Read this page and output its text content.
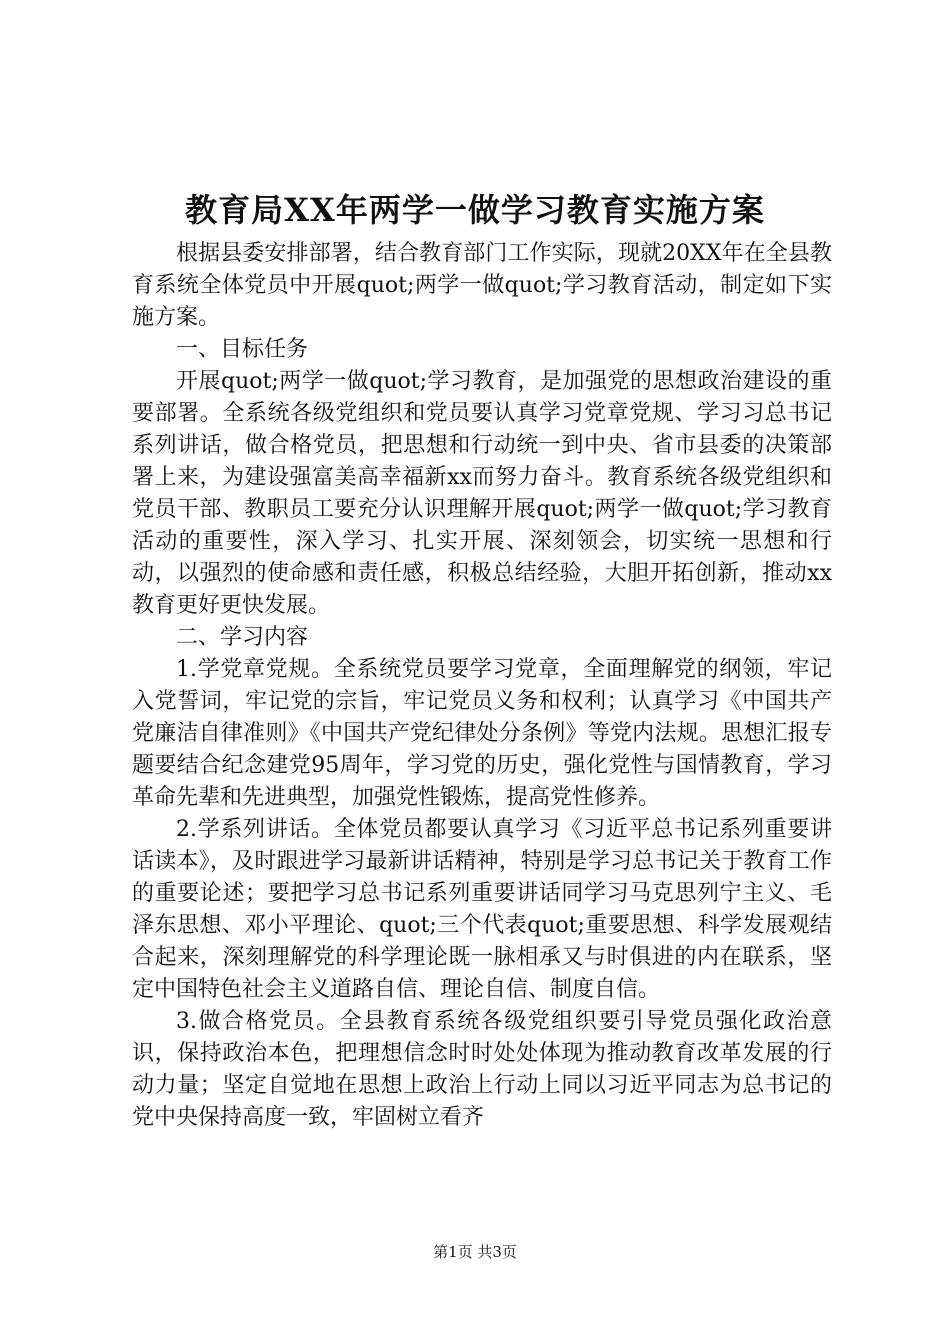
教育局XX年两学一做学习教育实施方案

根据县委安排部署，结合教育部门工作实际，现就20XX年在全县教育系统全体党员中开展quot;两学一做quot;学习教育活动，制定如下实施方案。

一、目标任务

开展quot;两学一做quot;学习教育，是加强党的思想政治建设的重要部署。全系统各级党组织和党员要认真学习党章党规、学习习总书记系列讲话，做合格党员，把思想和行动统一到中央、省市县委的决策部署上来，为建设强富美高幸福新xx而努力奋斗。教育系统各级党组织和党员干部、教职员工要充分认识理解开展quot;两学一做quot;学习教育活动的重要性，深入学习、扎实开展、深刻领会，切实统一思想和行动，以强烈的使命感和责任感，积极总结经验，大胆开拓创新，推动xx教育更好更快发展。

二、学习内容

1.学党章党规。全系统党员要学习党章，全面理解党的纲领，牢记入党誓词，牢记党的宗旨，牢记党员义务和权利；认真学习《中国共产党廉洁自律准则》《中国共产党纪律处分条例》等党内法规。思想汇报专题要结合纪念建党95周年，学习党的历史，强化党性与国情教育，学习革命先辈和先进典型，加强党性锻炼，提高党性修养。

2.学系列讲话。全体党员都要认真学习《习近平总书记系列重要讲话读本》，及时跟进学习最新讲话精神，特别是学习总书记关于教育工作的重要论述；要把学习总书记系列重要讲话同学习马克思列宁主义、毛泽东思想、邓小平理论、quot;三个代表quot;重要思想、科学发展观结合起来，深刻理解党的科学理论既一脉相承又与时俱进的内在联系，坚定中国特色社会主义道路自信、理论自信、制度自信。

3.做合格党员。全县教育系统各级党组织要引导党员强化政治意识，保持政治本色，把理想信念时时处处体现为推动教育改革发展的行动力量；坚定自觉地在思想上政治上行动上同以习近平同志为总书记的党中央保持高度一致，牢固树立看齐

第1页 共3页
